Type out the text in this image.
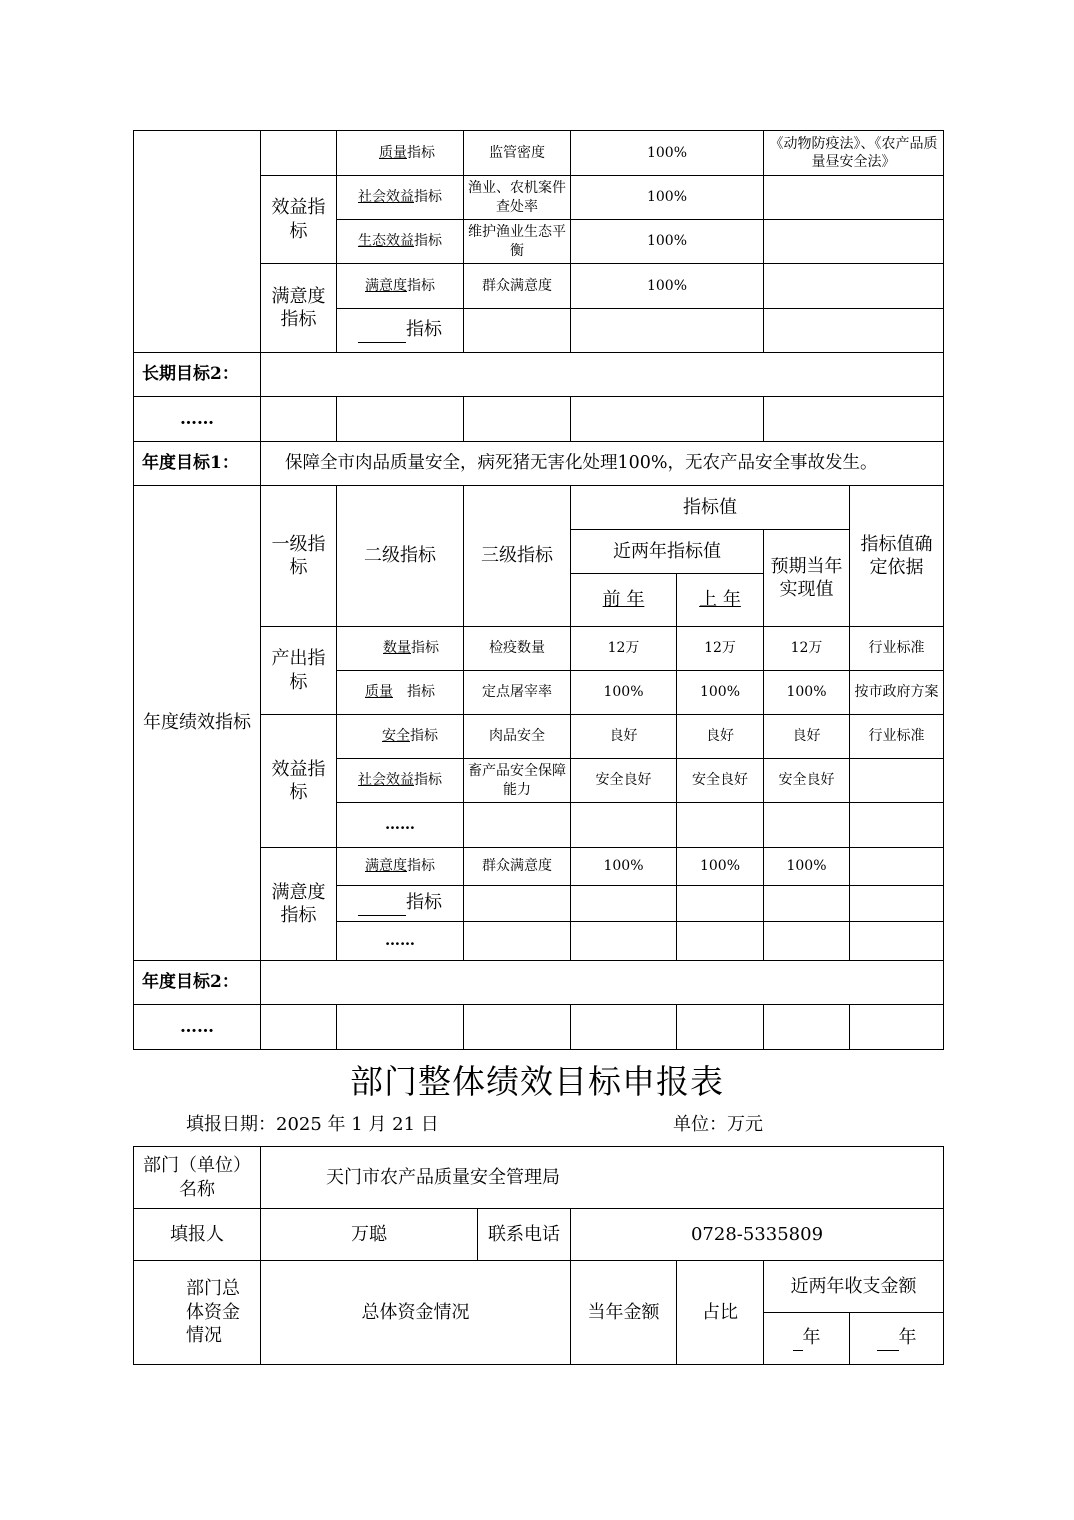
		质量指标	监管密度	100%		《动物防疫法》、《农产品质量昼安全法》	
	效益指标	社会效益指标	渔业、农机案件查处率	100%			
		生态效益指标	维护渔业生态平衡	100%			
	满意度指标	满意度指标	群众满意度	100%			
		指标					
长期目标2：							
……							
年度目标1：	保障全市肉品质量安全，病死猪无害化处理100%，无农产品安全事故发生。						
年度绩效指标	一级指标	二级指标	三级指标	指标值			指标值确定依据
				近两年指标值		预期当年实现值	
				前 年	上 年		
	产出指标	数量指标	检疫数量	12万	12万	12万	行业标准
		质量 指标	定点屠宰率	100%	100%	100%	按市政府方案
	效益指标	安全指标	肉品安全	良好	良好	良好	行业标准
		社会效益指标	畜产品安全保障能力	安全良好	安全良好	安全良好	
		……					
	满意度指标	满意度指标	群众满意度	100%	100%	100%	
		指标					
		……					
年度目标2：							
……							
部门整体绩效目标申报表
填报日期：2025 年 1 月 21 日	单位：万元
部门（单位）名称	天门市农产品质量安全管理局					
填报人	万聪	联系电话	0728-5335809			
部门总体资金情况	总体资金情况		当年金额	占比	近两年收支金额	
					年	年
